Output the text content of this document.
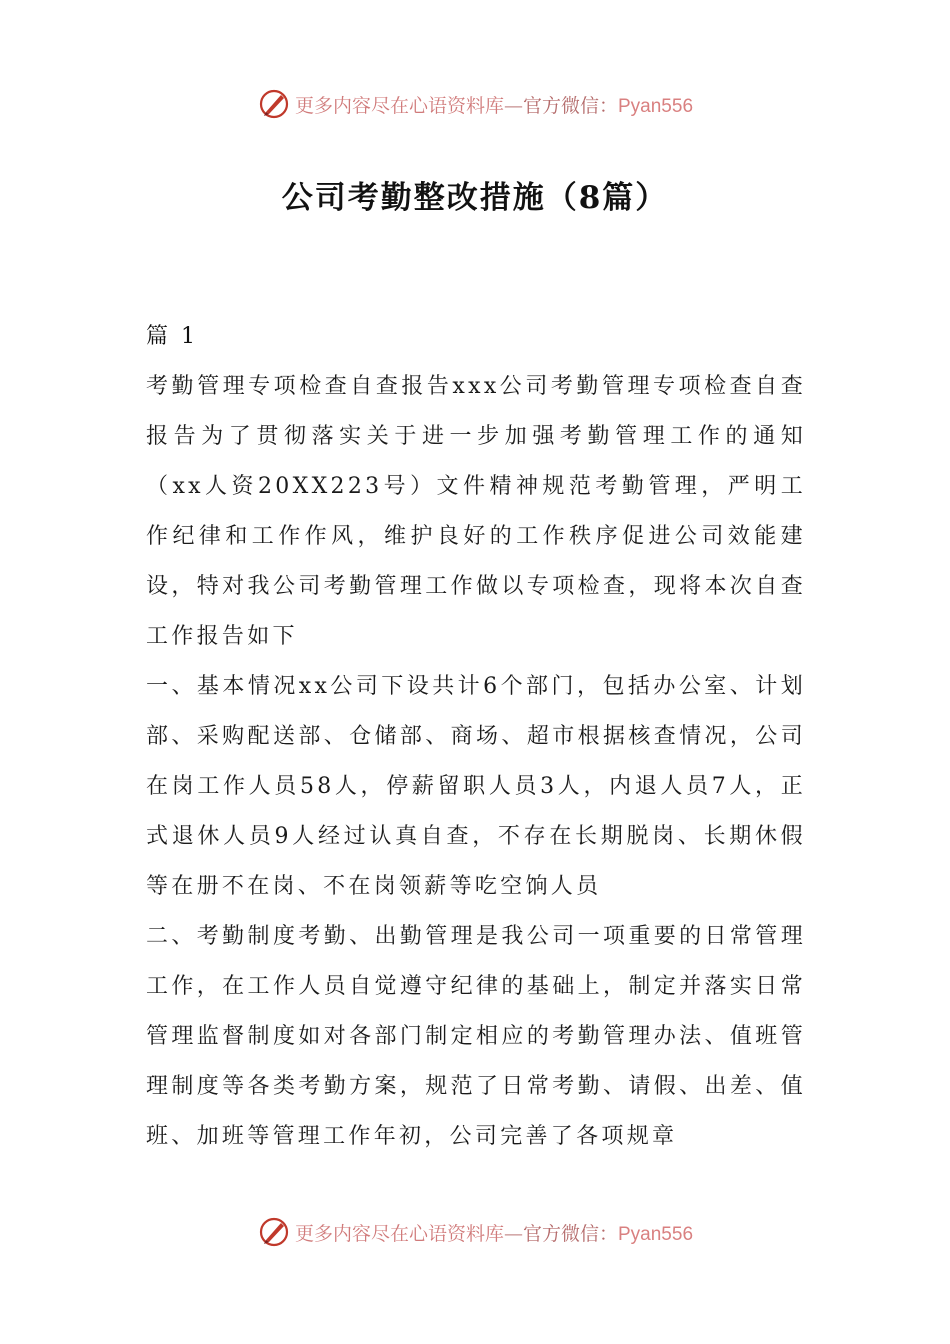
更多内容尽在心语资料库—官方微信：Pyan556
公司考勤整改措施（8篇）

篇 1

考勤管理专项检查自查报告xxx公司考勤管理专项检查自查报告为了贯彻落实关于进一步加强考勤管理工作的通知（xx人资20XX223号）文件精神规范考勤管理，严明工作纪律和工作作风，维护良好的工作秩序促进公司效能建设，特对我公司考勤管理工作做以专项检查，现将本次自查工作报告如下

一、基本情况xx公司下设共计6个部门，包括办公室、计划部、采购配送部、仓储部、商场、超市根据核查情况，公司在岗工作人员58人，停薪留职人员3人，内退人员7人，正式退休人员9人经过认真自查，不存在长期脱岗、长期休假等在册不在岗、不在岗领薪等吃空饷人员

二、考勤制度考勤、出勤管理是我公司一项重要的日常管理工作，在工作人员自觉遵守纪律的基础上，制定并落实日常管理监督制度如对各部门制定相应的考勤管理办法、值班管理制度等各类考勤方案，规范了日常考勤、请假、出差、值班、加班等管理工作年初，公司完善了各项规章

更多内容尽在心语资料库—官方微信：Pyan556
